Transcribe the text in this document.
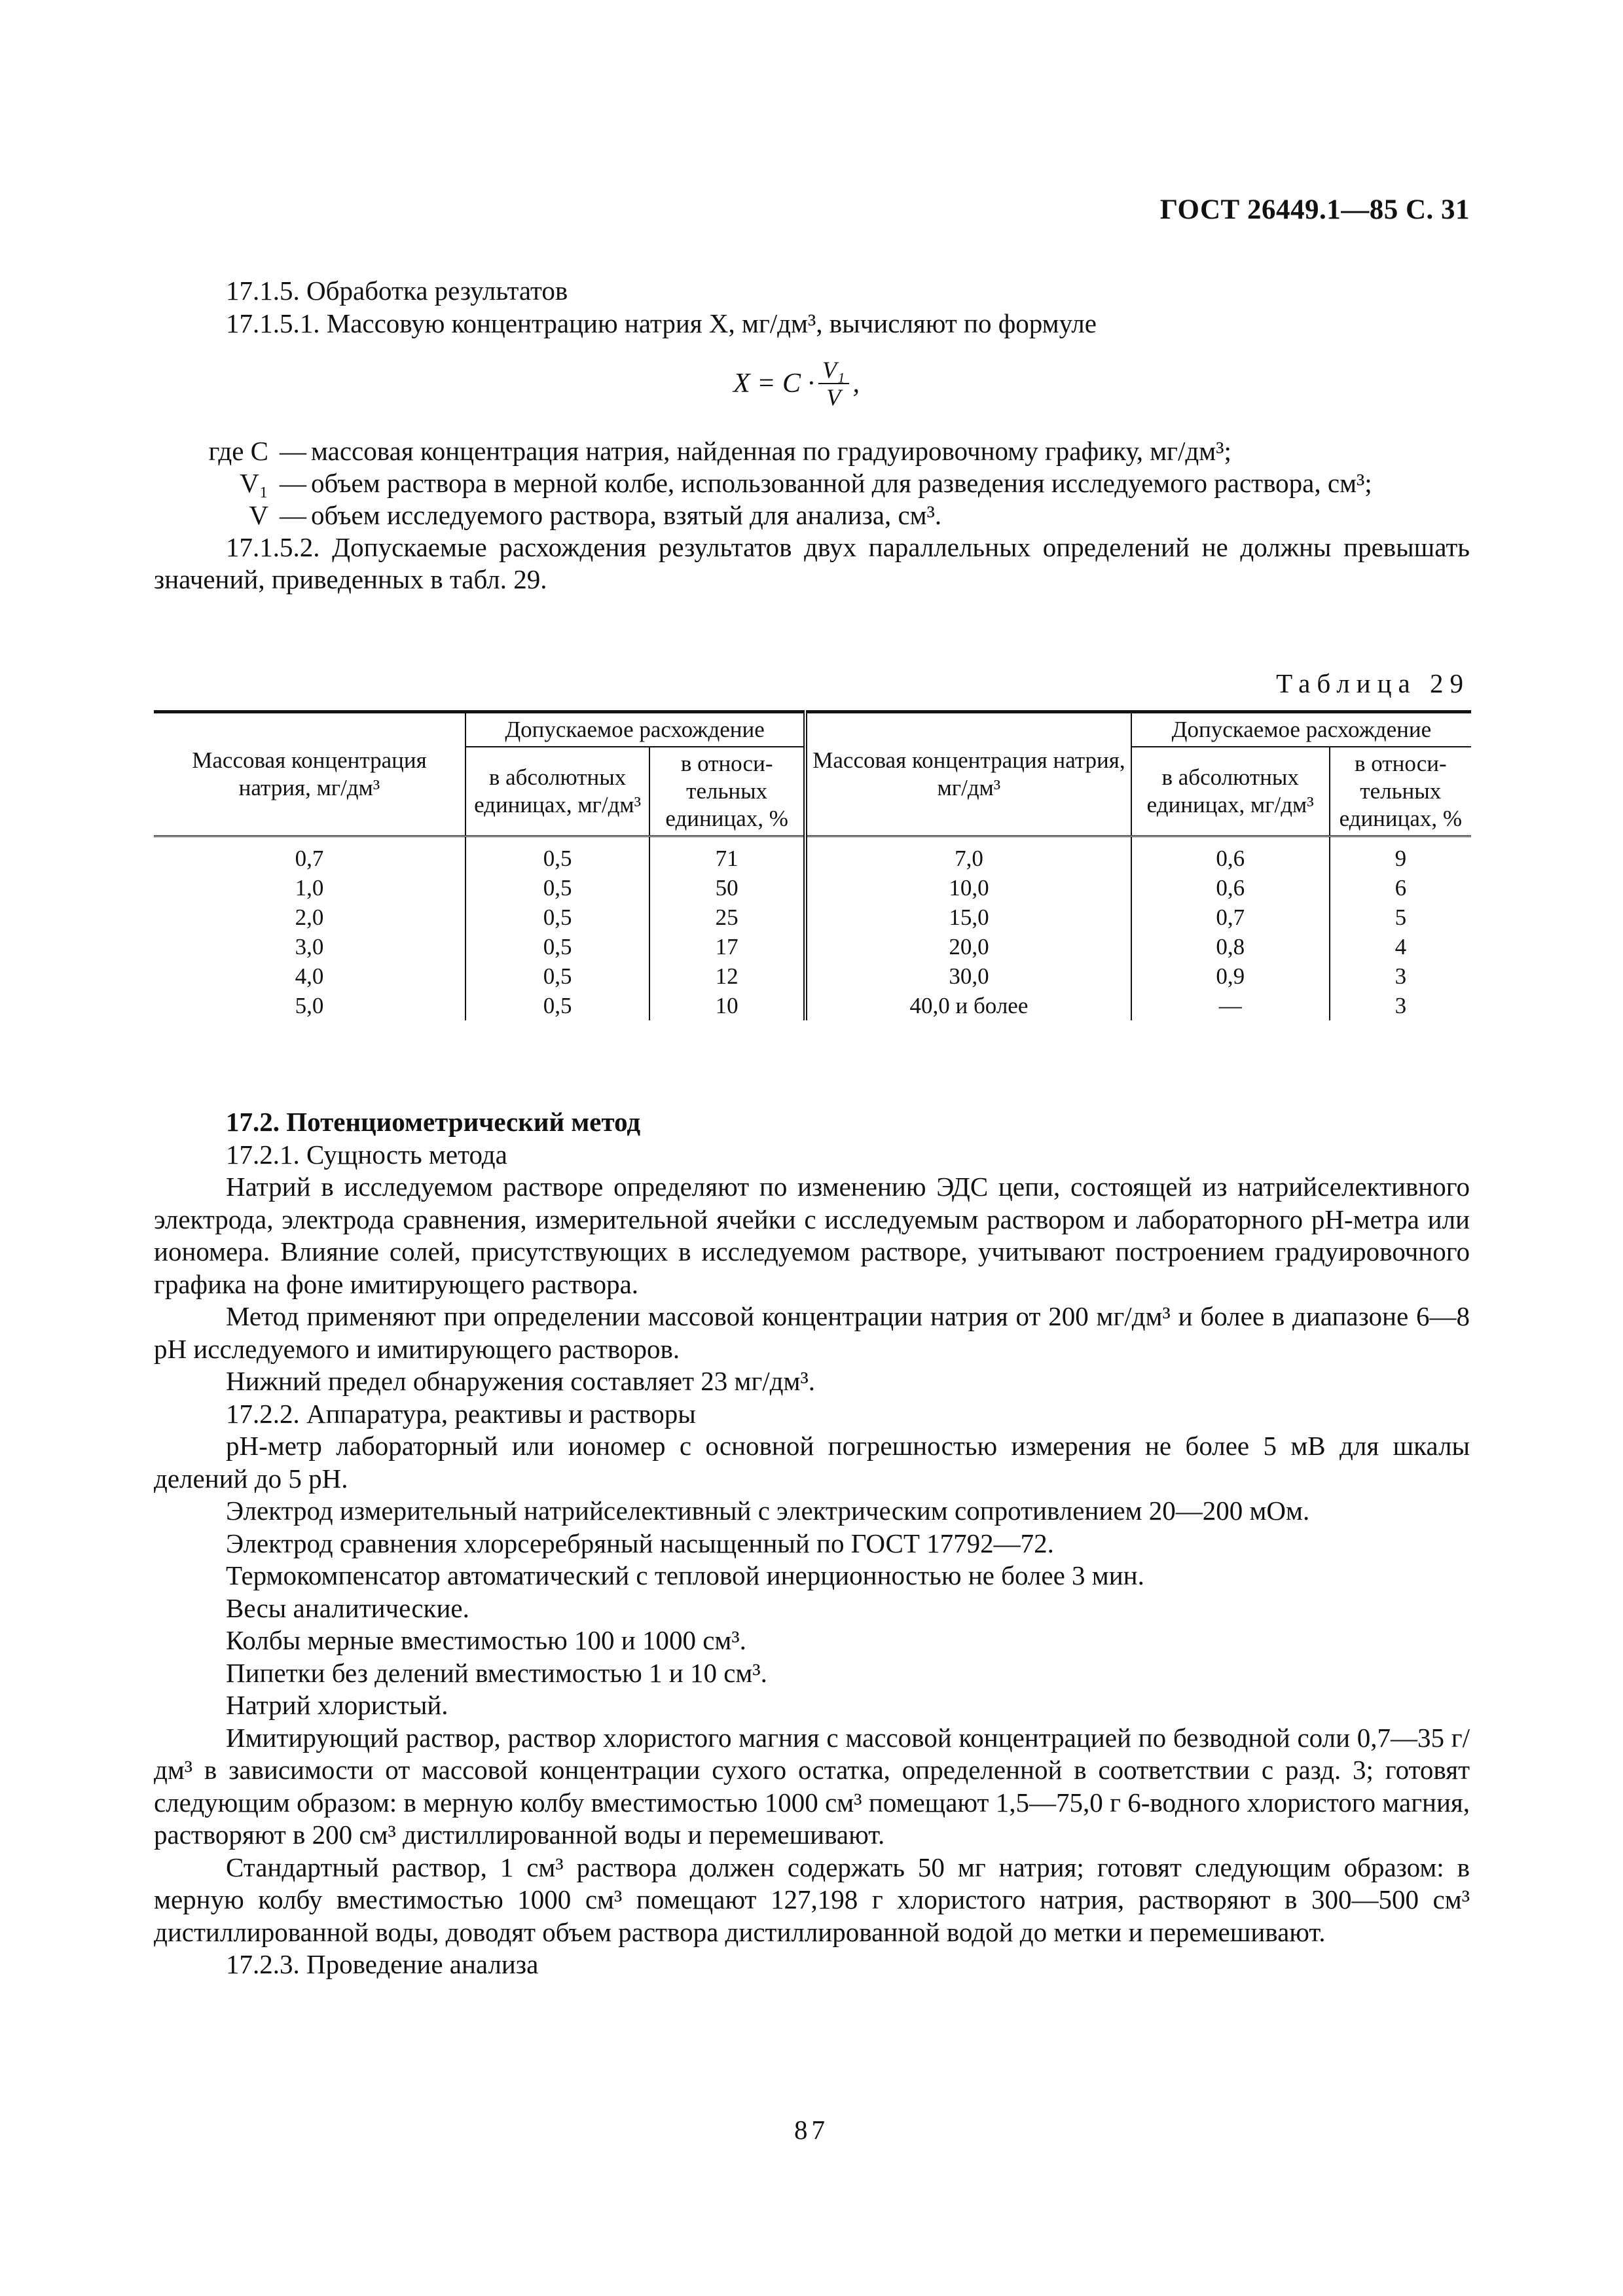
ГОСТ 26449.1—85 С. 31

17.1.5. Обработка результатов

17.1.5.1. Массовую концентрацию натрия X, мг/дм³, вычисляют по формуле

$X = C \cdot \frac{\text{V₁}}{V}$ ,
где C — массовая концентрация натрия, найденная по градуировочному графику, мг/дм³;
V₁ — объем раствора в мерной колбе, использованной для разведения исследуемого раствора, см³;
V — объем исследуемого раствора, взятый для анализа, см³.

17.1.5.2. Допускаемые расхождения результатов двух параллельных определений не должны превышать значений, приведенных в табл. 29.

Таблица 29
Массовая концентрация натрия, мг/дм³	Допускаемое расхождение		Массовая концентрация натрия, мг/дм³	Допускаемое расхождение	
	в абсолютных единицах, мг/дм³	в относи-тельных единицах, %		в абсолютных единицах, мг/дм³	в относи-тельных единицах, %
0,7	0,5	71	7,0	0,6	9
1,0	0,5	50	10,0	0,6	6
2,0	0,5	25	15,0	0,7	5
3,0	0,5	17	20,0	0,8	4
4,0	0,5	12	30,0	0,9	3
5,0	0,5	10	40,0 и более	—	3

17.2. Потенциометрический метод

17.2.1. Сущность метода

Натрий в исследуемом растворе определяют по изменению ЭДС цепи, состоящей из натрийселективного электрода, электрода сравнения, измерительной ячейки с исследуемым раствором и лабораторного pH-метра или иономера. Влияние солей, присутствующих в исследуемом растворе, учитывают построением градуировочного графика на фоне имитирующего раствора.

Метод применяют при определении массовой концентрации натрия от 200 мг/дм³ и более в диапазоне 6—8 pH исследуемого и имитирующего растворов.

Нижний предел обнаружения составляет 23 мг/дм³.

17.2.2. Аппаратура, реактивы и растворы

pH-метр лабораторный или иономер с основной погрешностью измерения не более 5 мВ для шкалы делений до 5 pH.

Электрод измерительный натрийселективный с электрическим сопротивлением 20—200 мОм.

Электрод сравнения хлорсеребряный насыщенный по ГОСТ 17792—72.

Термокомпенсатор автоматический с тепловой инерционностью не более 3 мин.

Весы аналитические.

Колбы мерные вместимостью 100 и 1000 см³.

Пипетки без делений вместимостью 1 и 10 см³.

Натрий хлористый.

Имитирующий раствор, раствор хлористого магния с массовой концентрацией по безводной соли 0,7—35 г/дм³ в зависимости от массовой концентрации сухого остатка, определенной в соответствии с разд. 3; готовят следующим образом: в мерную колбу вместимостью 1000 см³ помещают 1,5—75,0 г 6-водного хлористого магния, растворяют в 200 см³ дистиллированной воды и перемешивают.

Стандартный раствор, 1 см³ раствора должен содержать 50 мг натрия; готовят следующим образом: в мерную колбу вместимостью 1000 см³ помещают 127,198 г хлористого натрия, растворяют в 300—500 см³ дистиллированной воды, доводят объем раствора дистиллированной водой до метки и перемешивают.

17.2.3. Проведение анализа

87
